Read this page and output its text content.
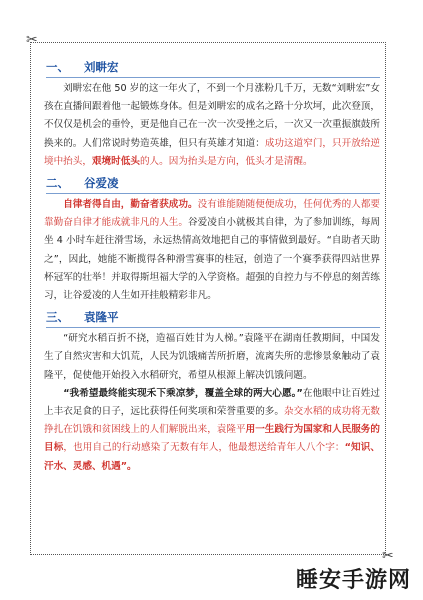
✂
✂
一、 刘畊宏

刘畊宏在他 50 岁的这一年火了，不到一个月涨粉几千万，无数“刘畊宏”女孩在直播间跟着他一起锻炼身体。但是刘畊宏的成名之路十分坎坷，此次登顶，不仅仅是机会的垂怜，更是他自己在一次一次受挫之后，一次又一次重振旗鼓所换来的。人们常说时势造英雄，但只有英雄才知道：成功这道窄门，只开放给逆境中抬头，艰境时低头的人。因为抬头是方向，低头才是清醒。

二、 谷爱凌

自律者得自由，勤奋者获成功。没有谁能随随便便成功，任何优秀的人都要靠勤奋自律才能成就非凡的人生。谷爱凌自小就极其自律，为了参加训练，每周坐 4 小时车赶往滑雪场，永远热情高效地把自己的事情做到最好。“自助者天助之”，因此，她能不断揽得各种滑雪赛事的桂冠，创造了一个赛季获得四站世界杯冠军的壮举！并取得斯坦福大学的入学资格。超强的自控力与不停息的刻苦练习，让谷爱凌的人生如开挂般精彩非凡。

三、 袁隆平

“研究水稻百折不挠，造福百姓甘为人梯。”袁隆平在湖南任教期间，中国发生了自然灾害和大饥荒，人民为饥饿痛苦所折磨，流离失所的悲惨景象触动了袁隆平，促使他开始投入水稻研究，希望从根源上解决饥饿问题。

“我希望最终能实现禾下乘凉梦，覆盖全球的两大心愿。”在他眼中让百姓过上丰衣足食的日子，远比获得任何奖项和荣誉重要的多。杂交水稻的成功将无数挣扎在饥饿和贫困线上的人们解脱出来，袁隆平用一生践行为国家和人民服务的目标，也用自己的行动感染了无数有年人，他最想送给青年人八个字：“知识、汗水、灵感、机遇”。

睡安手游网
